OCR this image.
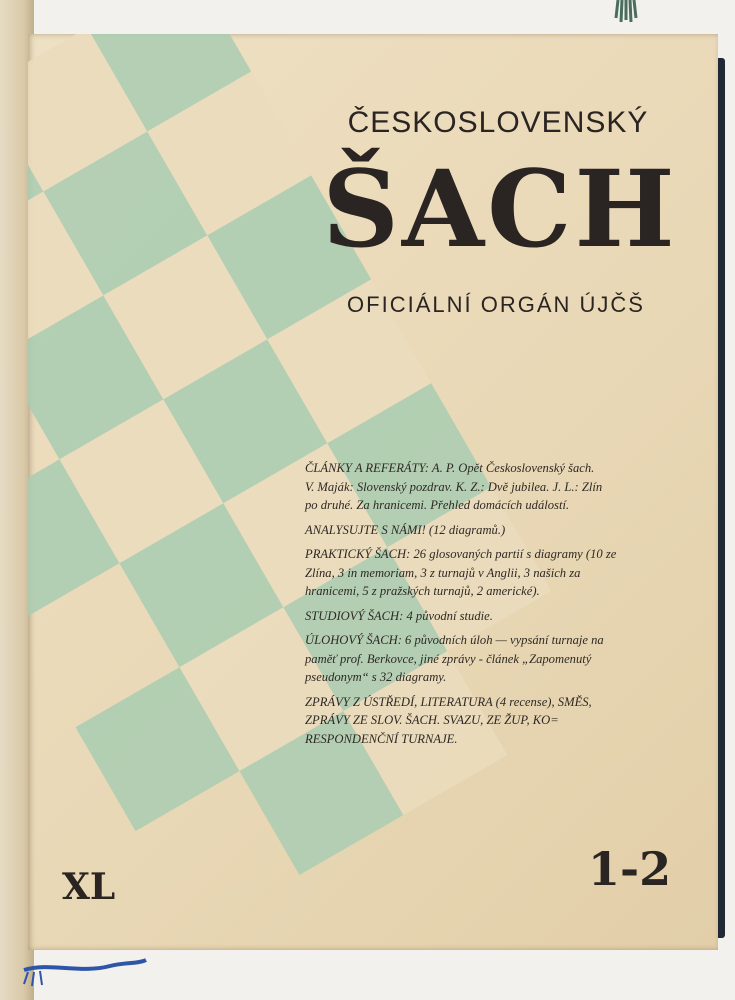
ČESKOSLOVENSKÝ
ŠACH
OFICIÁLNÍ ORGÁN ÚJČŠ

ČLÁNKY A REFERÁTY: A. P. Opět Československý šach.
V. Maják: Slovenský pozdrav. K. Z.: Dvě jubilea. J. L.: Zlín
po druhé. Za hranicemi. Přehled domácích událostí.

ANALYSUJTE S NÁMI! (12 diagramů.)

PRAKTICKÝ ŠACH: 26 glosovaných partií s diagramy (10 ze
Zlína, 3 in memoriam, 3 z turnajů v Anglii, 3 našich za
hranicemi, 5 z pražských turnajů, 2 americké).

STUDIOVÝ ŠACH: 4 původní studie.

ÚLOHOVÝ ŠACH: 6 původních úloh — vypsání turnaje na
paměť prof. Berkovce, jiné zprávy - článek „Zapomenutý
pseudonym“ s 32 diagramy.

ZPRÁVY Z ÚSTŘEDÍ, LITERATURA (4 recense), SMĚS,
ZPRÁVY ZE SLOV. ŠACH. SVAZU, ZE ŽUP, KO=
RESPONDENČNÍ TURNAJE.

XL	1-2
